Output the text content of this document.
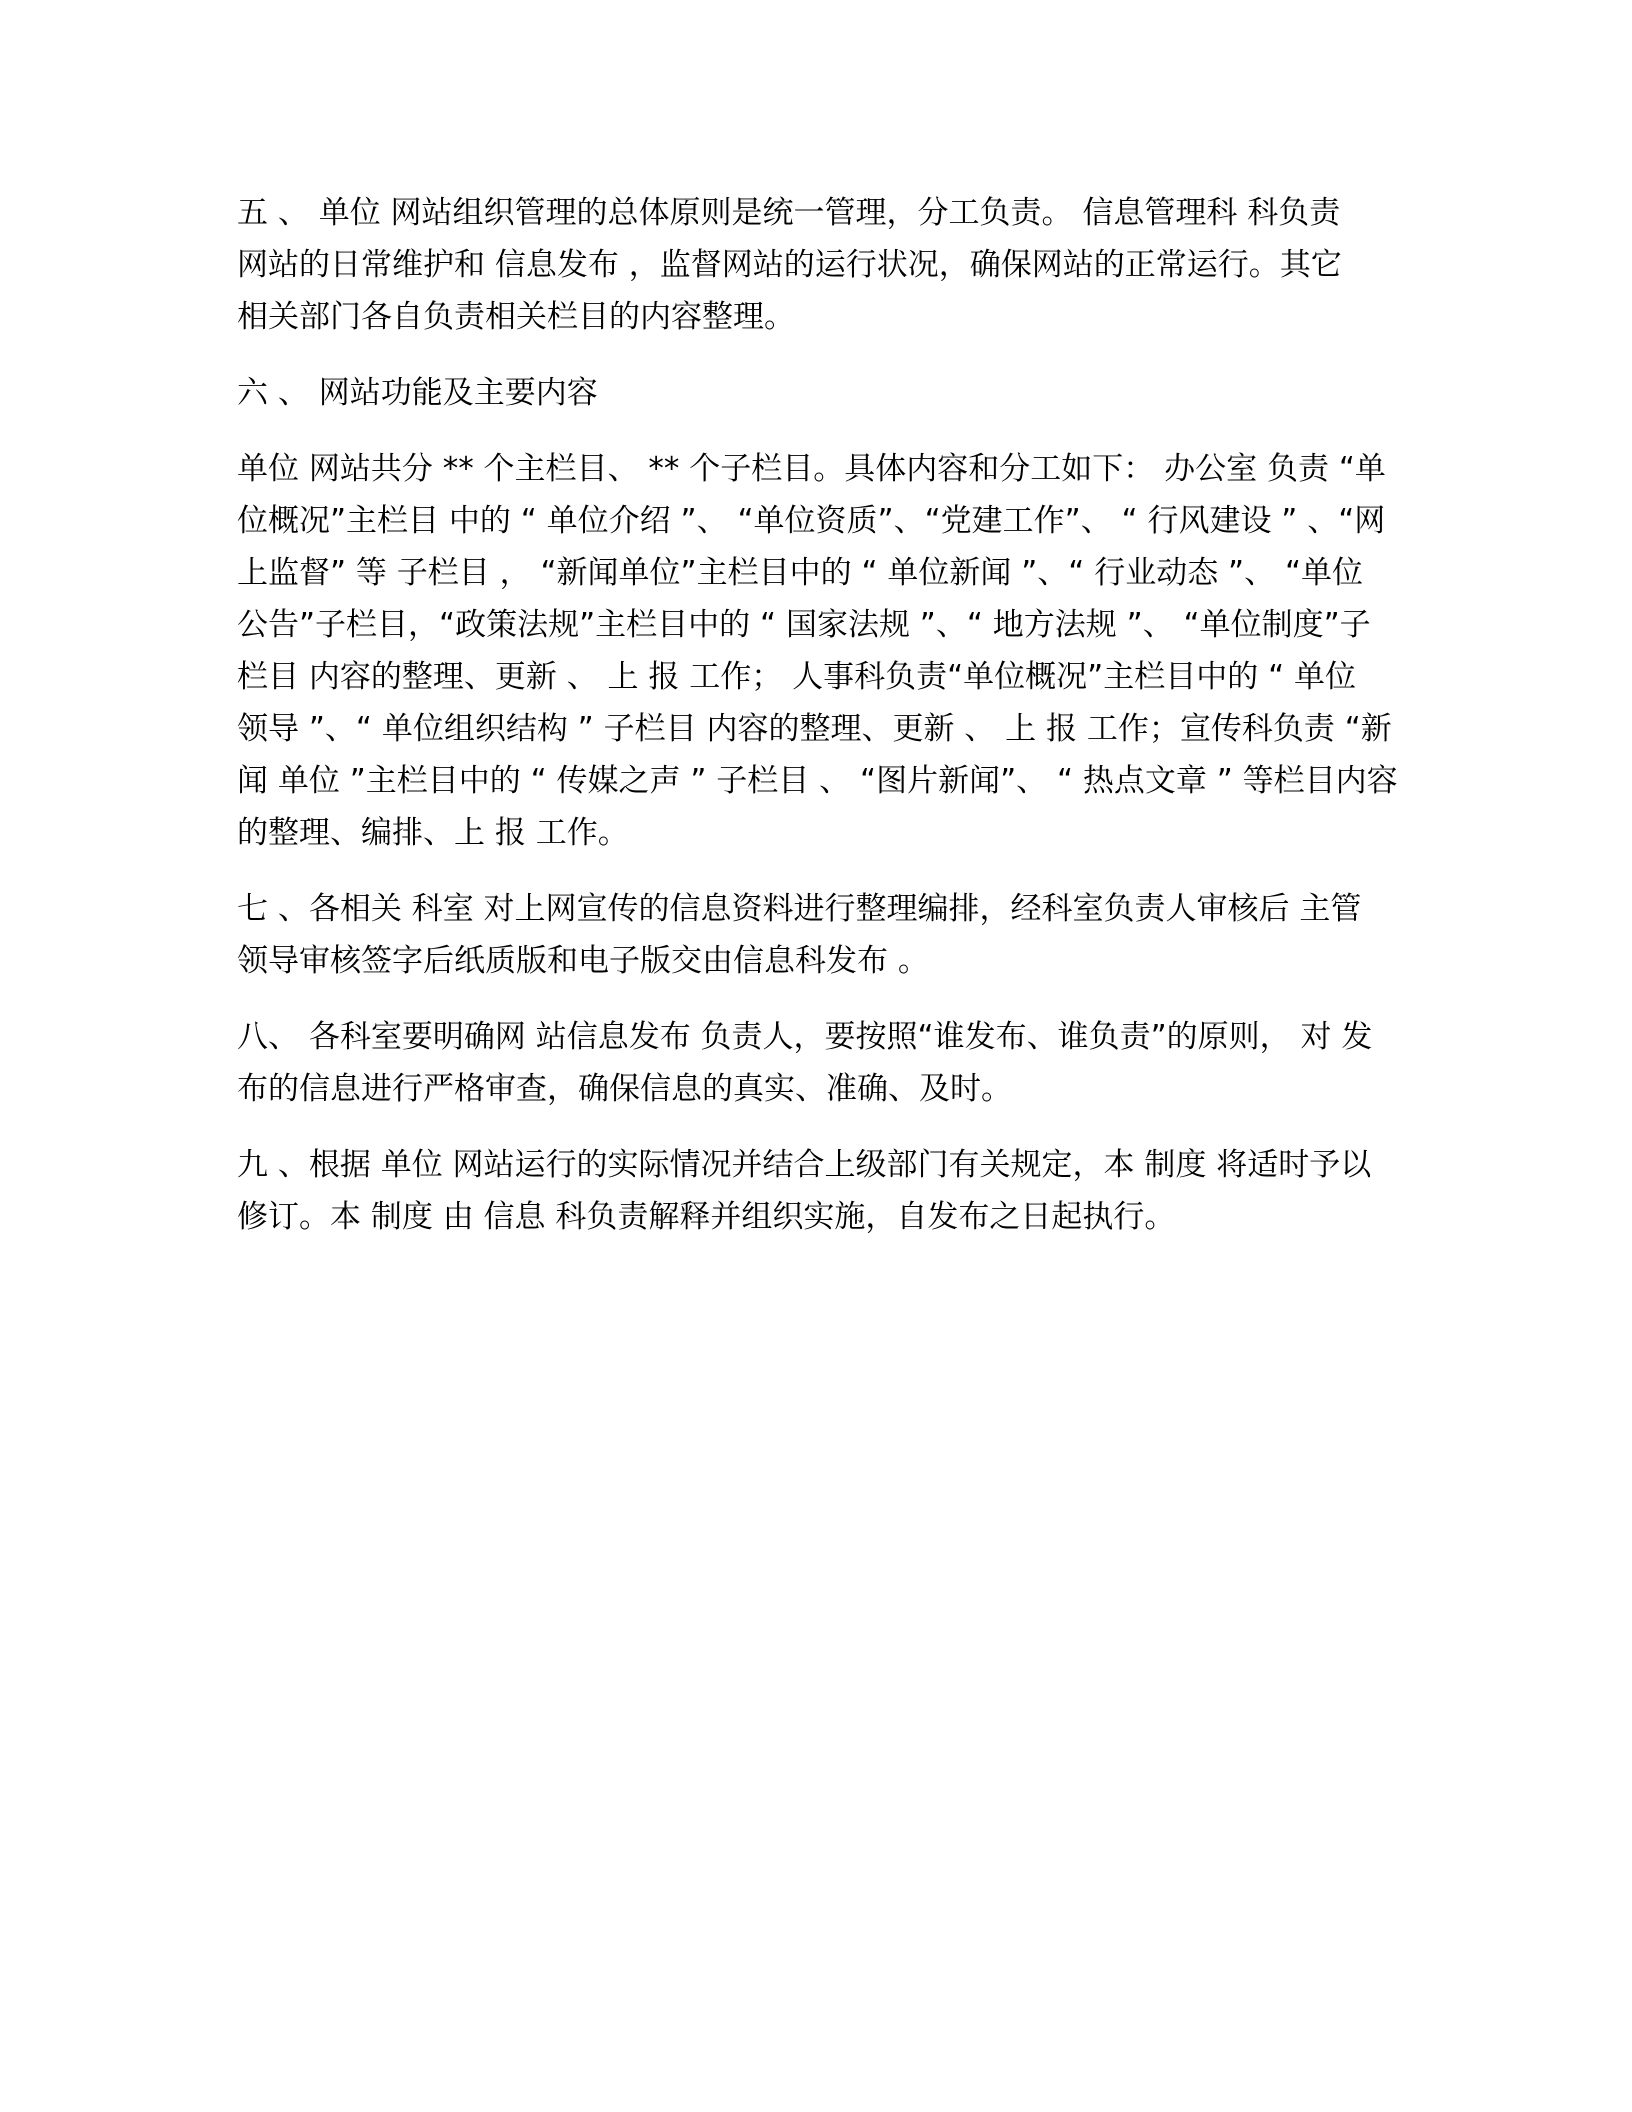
五 、 单位 网站组织管理的总体原则是统一管理，分工负责。 信息管理科 科负责
网站的日常维护和 信息发布 ，监督网站的运行状况，确保网站的正常运行。其它
相关部门各自负责相关栏目的内容整理。
六 、 网站功能及主要内容
单位 网站共分 ** 个主栏目、 ** 个子栏目。具体内容和分工如下： 办公室 负责 “单
位概况”主栏目 中的 “ 单位介绍 ”、 “单位资质”、“党建工作”、 “ 行风建设 ” 、“网
上监督” 等 子栏目 ， “新闻单位”主栏目中的 “ 单位新闻 ”、“ 行业动态 ”、 “单位
公告”子栏目，“政策法规”主栏目中的 “ 国家法规 ”、“ 地方法规 ”、 “单位制度”子
栏目 内容的整理、更新 、 上 报 工作； 人事科负责“单位概况”主栏目中的 “ 单位
领导 ”、“ 单位组织结构 ” 子栏目 内容的整理、更新 、 上 报 工作；宣传科负责 “新
闻 单位 ”主栏目中的 “ 传媒之声 ” 子栏目 、 “图片新闻”、 “ 热点文章 ” 等栏目内容
的整理、编排、上 报 工作。
七 、各相关 科室 对上网宣传的信息资料进行整理编排，经科室负责人审核后 主管
领导审核签字后纸质版和电子版交由信息科发布 。
八、 各科室要明确网 站信息发布 负责人，要按照“谁发布、谁负责”的原则， 对 发
布的信息进行严格审查，确保信息的真实、准确、及时。
九 、根据 单位 网站运行的实际情况并结合上级部门有关规定，本 制度 将适时予以
修订。本 制度 由 信息 科负责解释并组织实施，自发布之日起执行。
